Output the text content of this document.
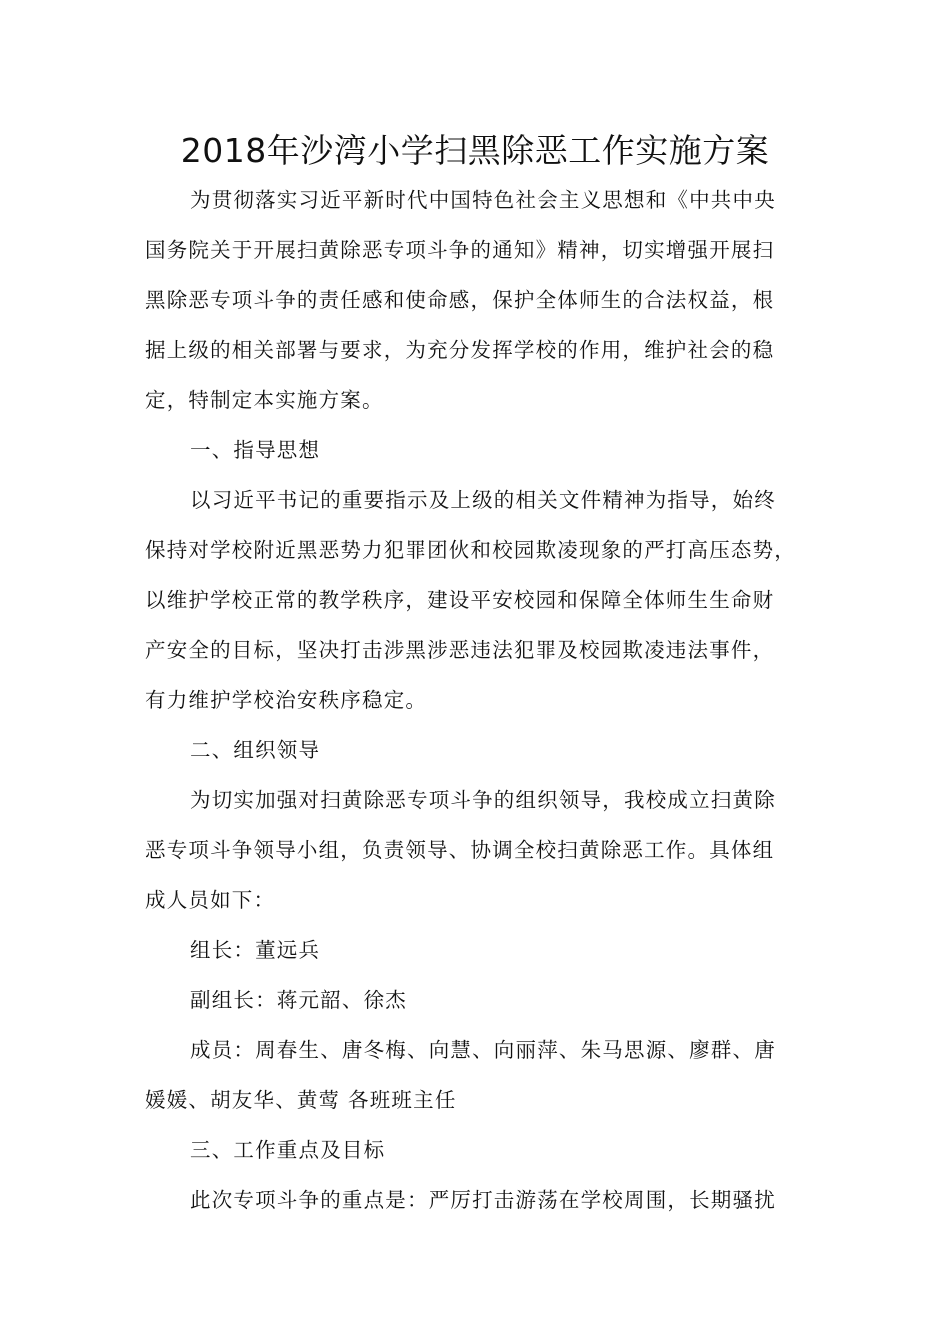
2018年沙湾小学扫黑除恶工作实施方案
为贯彻落实习近平新时代中国特色社会主义思想和《中共中央
国务院关于开展扫黄除恶专项斗争的通知》精神，切实增强开展扫
黑除恶专项斗争的责任感和使命感，保护全体师生的合法权益，根
据上级的相关部署与要求，为充分发挥学校的作用，维护社会的稳
定，特制定本实施方案。
一、指导思想
以习近平书记的重要指示及上级的相关文件精神为指导，始终
保持对学校附近黑恶势力犯罪团伙和校园欺凌现象的严打高压态势，
以维护学校正常的教学秩序，建设平安校园和保障全体师生生命财
产安全的目标，坚决打击涉黑涉恶违法犯罪及校园欺凌违法事件，
有力维护学校治安秩序稳定。
二、组织领导
为切实加强对扫黄除恶专项斗争的组织领导，我校成立扫黄除
恶专项斗争领导小组，负责领导、协调全校扫黄除恶工作。具体组
成人员如下：
组长：董远兵
副组长：蒋元韶、徐杰
成员：周春生、唐冬梅、向慧、向丽萍、朱马思源、廖群、唐
媛媛、胡友华、黄莺 各班班主任
三、工作重点及目标
此次专项斗争的重点是：严厉打击游荡在学校周围，长期骚扰
